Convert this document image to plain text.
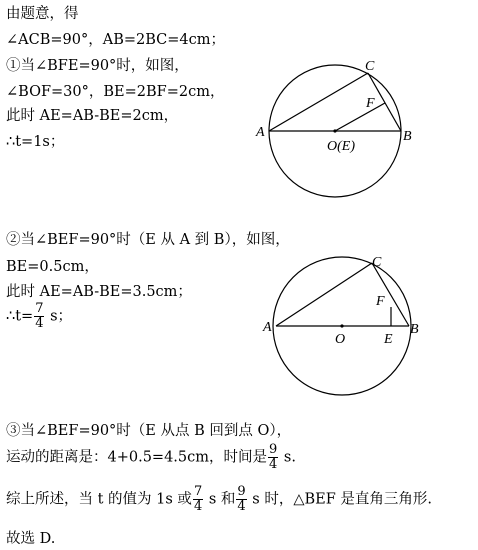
由题意，得
∠ACB=90°，AB=2BC=4cm；
①当∠BFE=90°时，如图，
∠BOF=30°，BE=2BF=2cm，
此时 AE=AB-BE=2cm，
∴t=1s；
②当∠BEF=90°时（E 从 A 到 B），如图，
BE=0.5cm，
此时 AE=AB-BE=3.5cm；
∴t= $\frac{7}{4}$ s；
③当∠BEF=90°时（E 从点 B 回到点 O），
运动的距离是：4+0.5=4.5cm，时间是 $\frac{9}{4} s$.
综上所述，当 t 的值为 1s 或 $\frac{7}{4}$ s 和 $\frac{9}{4}$ s 时，△BEF 是直角三角形.
故选 D.
A	B
C
F
O(E)
A	B
C
F
O	E
